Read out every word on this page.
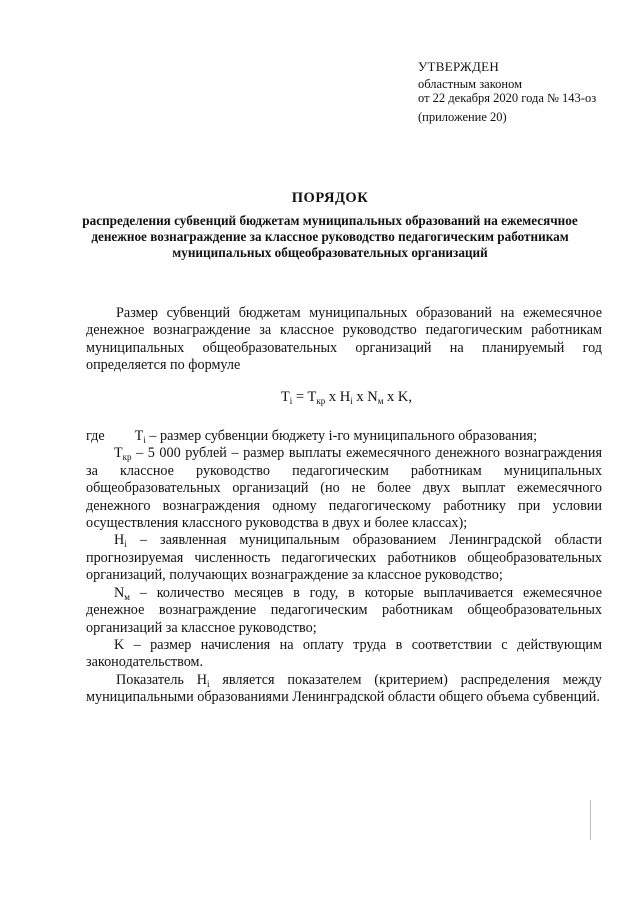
УТВЕРЖДЕН
областным законом
от 22 декабря 2020 года № 143-оз
(приложение 20)
ПОРЯДОК
распределения субвенций бюджетам муниципальных образований на ежемесячное денежное вознаграждение за классное руководство педагогическим работникам муниципальных общеобразовательных организаций

Размер субвенций бюджетам муниципальных образований на ежемесячное денежное вознаграждение за классное руководство педагогическим работникам муниципальных общеобразовательных организаций на планируемый год определяется по формуле

$T_i = T_{кр}$ x $H_i$ x $N_м$ x K,

где $T_i$ – размер субвенции бюджету i-го муниципального образования;

$T_{кр} - 5$ 000 рублей – размер выплаты ежемесячного денежного вознаграждения за классное руководство педагогическим работникам муниципальных общеобразовательных организаций (но не более двух выплат ежемесячного денежного вознаграждения одному педагогическому работнику при условии осуществления классного руководства в двух и более классах);

$H_i$ – заявленная муниципальным образованием Ленинградской области прогнозируемая численность педагогических работников общеобразовательных организаций, получающих вознаграждение за классное руководство;

$N_м$ – количество месяцев в году, в которые выплачивается ежемесячное денежное вознаграждение педагогическим работникам общеобразовательных организаций за классное руководство;

K – размер начисления на оплату труда в соответствии с действующим законодательством.

Показатель $H_i$ является показателем (критерием) распределения между муниципальными образованиями Ленинградской области общего объема субвенций.
